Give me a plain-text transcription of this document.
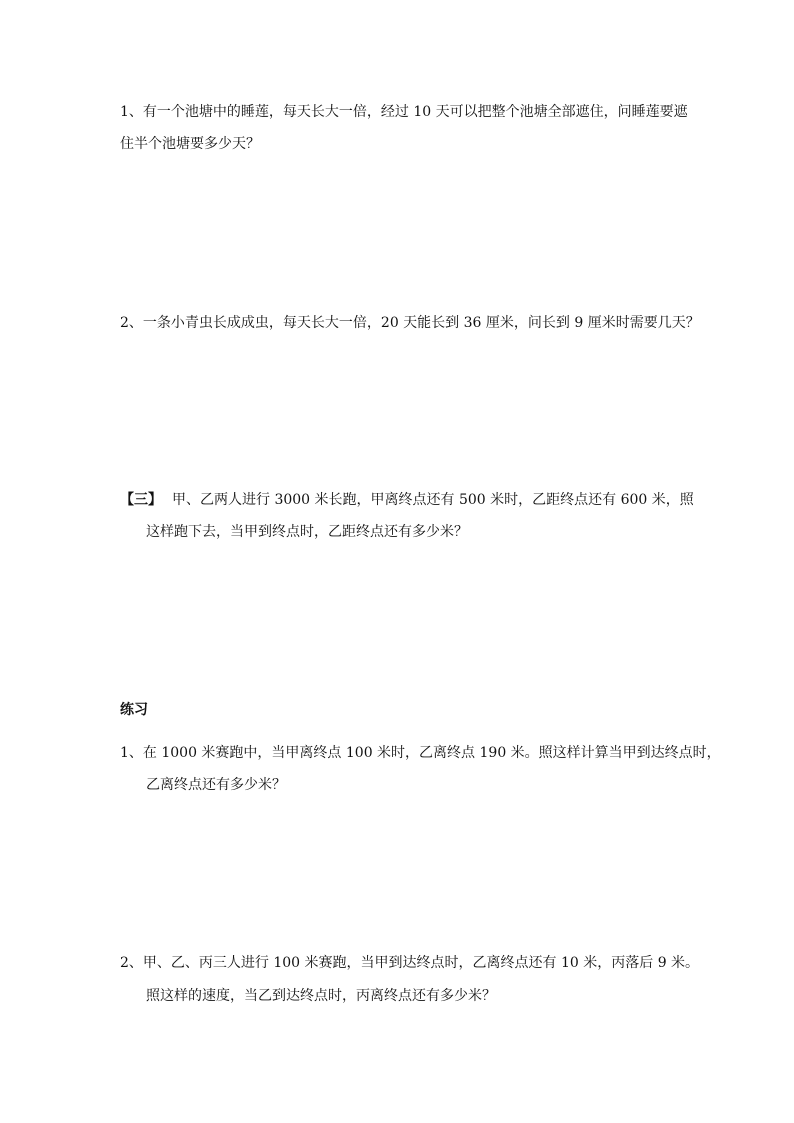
1、有一个池塘中的睡莲，每天长大一倍，经过 10 天可以把整个池塘全部遮住，问睡莲要遮
住半个池塘要多少天？
2、一条小青虫长成成虫，每天长大一倍，20 天能长到 36 厘米，问长到 9 厘米时需要几天？
【三】 甲、乙两人进行 3000 米长跑，甲离终点还有 500 米时，乙距终点还有 600 米，照
这样跑下去，当甲到终点时，乙距终点还有多少米？
练习
1、在 1000 米赛跑中，当甲离终点 100 米时，乙离终点 190 米。照这样计算当甲到达终点时，
乙离终点还有多少米？
2、甲、乙、丙三人进行 100 米赛跑，当甲到达终点时，乙离终点还有 10 米，丙落后 9 米。
照这样的速度，当乙到达终点时，丙离终点还有多少米？
